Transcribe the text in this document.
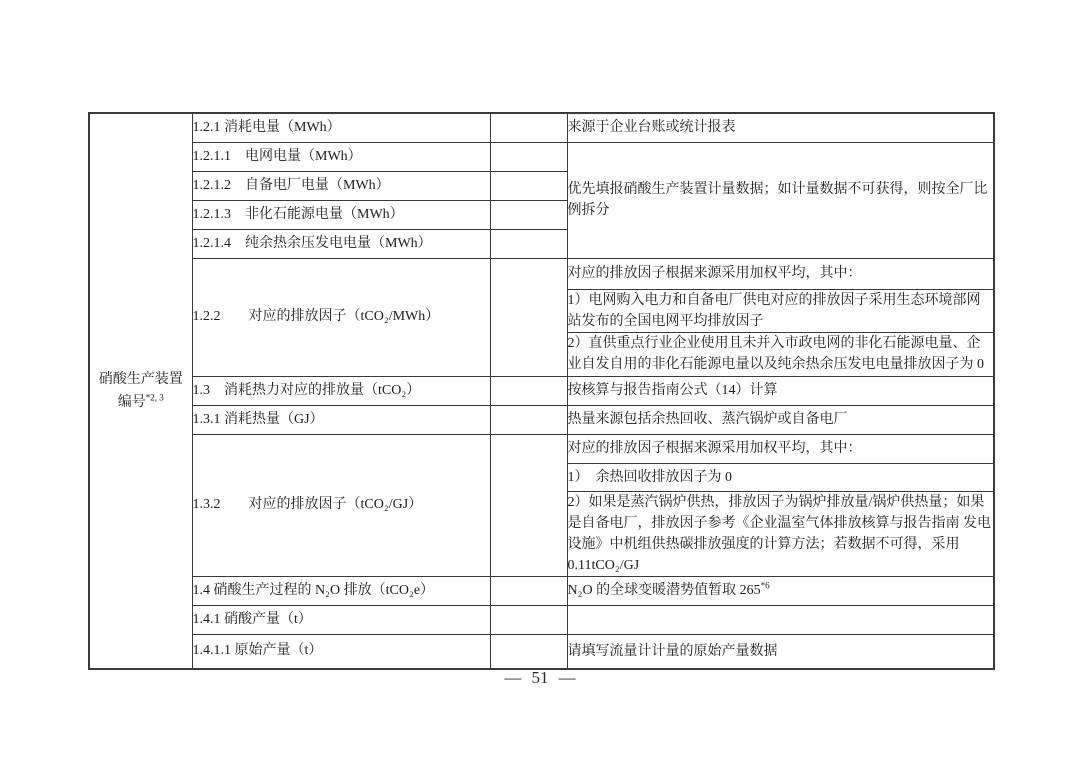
硝酸生产装置
编号$^{*2, 3}$	1.2.1 消耗电量（MWh）		来源于企业台账或统计报表
	1.2.1.1　电网电量（MWh）		优先填报硝酸生产装置计量数据；如计量数据不可获得，则按全厂比例拆分
	1.2.1.2　自备电厂电量（MWh）		
	1.2.1.3　非化石能源电量（MWh）		
	1.2.1.4　纯余热余压发电电量（MWh）		
	1.2.2　　对应的排放因子（tCO₂/MWh）		对应的排放因子根据来源采用加权平均，其中：
			1）电网购入电力和自备电厂供电对应的排放因子采用生态环境部网站发布的全国电网平均排放因子
			2）直供重点行业企业使用且未并入市政电网的非化石能源电量、企业自发自用的非化石能源电量以及纯余热余压发电电量排放因子为 0
	1.3　消耗热力对应的排放量（tCO₂）		按核算与报告指南公式（14）计算
	1.3.1 消耗热量（GJ）		热量来源包括余热回收、蒸汽锅炉或自备电厂
	1.3.2　　对应的排放因子（tCO₂/GJ）		对应的排放因子根据来源采用加权平均，其中：
			1）　余热回收排放因子为 0
			2）如果是蒸汽锅炉供热，排放因子为锅炉排放量/锅炉供热量；如果是自备电厂，排放因子参考《企业温室气体排放核算与报告指南 发电设施》中机组供热碳排放强度的计算方法；若数据不可得，采用 0.11tCO₂/GJ
	1.4 硝酸生产过程的 N₂O 排放（tCO₂e）		N₂O 的全球变暖潜势值暂取 265$^{*6}$
	1.4.1 硝酸产量（t）		
	1.4.1.1 原始产量（t）		请填写流量计计量的原始产量数据
— 51 —
